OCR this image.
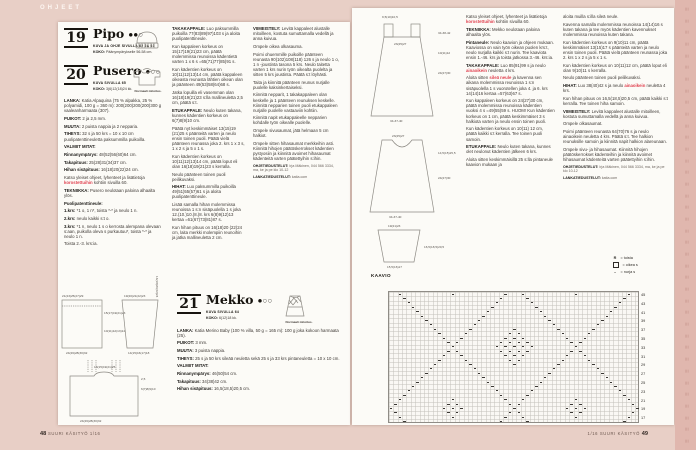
OHJEET
19 Pipo ●●○
KUVA JA OHJE SIVULLA 62 JA 63
KOKO: Päänympärykselle 56-58 cm.
20 Pusero ●○○
KUVA SIVULLA 65
KOKO: 3(6)12(18)24 kk. Normaali mitoitus.

LANKA: Katia Alpaquina (75 % alpakka, 25 % polyamidi, 100 g = 360 m): 200(200)200(200)300 g vaaleanharmaata (307).

PUIKOT: 2 ja 2,5 mm.

MUUTA: 2 puista nappia ja 2 nepparia.

TIHEYS: 32 s ja 50 krs = 10 x 10 cm puolipatenttineuletta paksummilla puikoilla.

VALMIIT MITAT:

Rinnanympärys: 48(52)56(60)64 cm.

Takapituus: 25(28)31(34)37 cm.

Hihan sisäpituus: 16(18)20(22)24 cm.

Katso yleiset ohjeet, lyhenteet ja lisätietoja korostettuihin kohtiin sivuilla 60.

TEKNIIKKA: Pusero neulotaan paloina alhaalta ylös.

Puolipatenttineule:

1.krs: *1 o, 1 n*, toista *-* ja neulo 1 n.

2.krs: neulo kaikki s:t o.

3.krs: *1 n, neulo 1 s o kerrosta alempana olevaan s:aan, puikolla oleva s purkautuu*, toista *-* ja neulo 1 n.

Toista 2.-3. krs:ia.

TAKAKAPPALE: Luo paksummilla puikoilla 77(83)89(97)103 s ja aloita puolipatenttineule.

Kun kappaleen korkeus on 15(17)19(21)23 cm, päätä molemmissa reunoissa kädentietä varten 1 x 6 s =65(71)77(85)91 s.

Kun kädentien korkeus on 10(11)12(13)14 cm, päätä kappaleen oikeasta reunasta lähtien oikean olan ja päänteen 49(53)58(64)68 s.

Jatka lopuilla eli vasemman olan 16(18)19(21)23 s:lla mallineuletta 2,5 cm, päätä s:t.

ETUKAPPALE: Neulo kuten takana, kunnes kädentien korkeus on 6(7)8(9)10 cm.

Päätä nyt keskimmäiset 13(15)19 (21)25 s päänteitä varten ja neulo ensin toinen puoli. Päätä vielä päänteen reunassa joka 2. krs 1 x 3 s, 1 x 2 s ja 5 x 1 s.

Kun kädentien korkeus on 10(11)12(13)14 cm, päätä loput eli olan 16(18)19(21)23 s kerralla.

Neulo päänteen toinen puoli peilikuvaksi.

HIHAT: Luo paksummilla puikoilla 49(51)55(57)61 s ja aloita puolipatenttineule.

Lisää samalla hihan molemmissa reunoissa 1 s:n sisäpuolella 1 s joka 12.(10.)10.(8.)8. krs 6(8)9(12)13 kertaa =61(67)73(81)87 s.

Kun hihan pituus on 16(18)20 (22)24 cm, laita merkki molempiin reunoihin ja jatka mallineuletta 2 cm.

VIIMEISTELY: Levitä kappaleet alustalle mitoilleen, kostuta sumuttamalla vedellä ja anna kuivua.

Ompele oikea olkasauma.

Poimi ohuemmille puikoille päänteen reunasta 90(102)108(118) 126 s ja neulo 1 o, 1 n -joustinta tasona 5 krs. Neulo taitetta varten 1 krs nurin työn oikealta puolelta ja sitten 5 krs joustinta. Päätä s:t löyhästi.

Taita ja kiinnitä päänteen reunus nurjalle puolelle kaksinkertaiseksi.

Kiinnitä nepparit, 1 takakappaleen olan keskelle ja 1 päänteen reunuksen keskelle. Kiinnitä nepparien toinen puoli etukappaleen nurjalle puolelle vastaaviin kohtiin.

Kiinnitä napit etukappaleelle nepparien kohdalle työn oikealle puolelle.

Ompele sivusaumat, jätä helmaan 5 cm halkiot.

Ompele sitten hihasaumat merkkeihin asti. Kiinnitä hihojen päätöskerrokset kädentien pystyosiin ja kiinnitä avoimet hihasaumat kädenteitä varten päätettyihin s:ihin.

OHJETIEDUSTELUT: Irja Mäkinen, 044 566 3334, ma, ke ja pe klo 10-12

LANKATIEDUSTELUT: katia.com

21(23)25(27)29
15(17)19(21)23
10(11)12(13)14
24(26)28(30)32
19(20)21(22)23	16(18)20(22)24
14(15)16(17)18
13(15)19(21)25
2,5
6(7)8(9)10
24(26)28(30)32
21 Mekko ●○○
KUVA SIVULLA 64
KOKO: 6(12)18 kk.
Normaali mitoitus.

LANKA: Katia Merino Baby (100 % villa, 50 g = 165 m): 100 g joka kokoon harmaata (25).

PUIKOT: 3 mm.

MUUTA: 3 puista nappia.

TIHEYS: 25 s ja 50 krs sileää neuletta sekä 25 s ja 33 krs pintaneuletta = 10 x 10 cm.

VALMIIT MITAT:

Rinnanympärys: 46(50)54 cm.

Takapituus: 34(38)42 cm.

Hihan sisäpituus: 16,5(18,5)20,5 cm.

9,5(10)10,5
23(25)27
34-38-42
10(11)12
24(27)30
34-37-40
23(25)27
14,5(15)15,5
24(27)30
34-37-40
19(21)23
16,5(18,5)20,5
15,5(16)17

Katso yleiset ohjeet, lyhenteet ja lisätietoja korostettuihin kohtiin sivuilla 60.

TEKNIIKKA: Mekko neulotaan paloina alhaalta ylös.

Pintaneule: Neulo kaavion ja ohjeen mukaan. Kaaviossa on vain työn oikean puolen krs:t, neulo nurjalla kaikki s:t nurin. Tee kaaviota ensin 1.-46. krs ja toista jatkossa 3.-46. krs:ia.

TAKAKAPPALE: Luo 85(91)99 s ja neulo ainaoikein neuletta 4 krs.

Aloita sitten sileä neule ja kavenna sen aikana molemmissa reunoissa 1 s:n sisäpuolella 1 s vuorotellen joka 4. ja 6. krs 14(14)16 kertaa =57(63)67 s.

Kun kappaleen korkeus on 24(27)30 cm, päätä molemmissa reunoissa kädentien vuoksi 4 s =49(55)59 s. HUOM! Kun kädentien korkeus on 1 cm, päätä keskimmäiset 3 s halkiota varten ja neulo ensin toinen puoli.

Kun kädentien korkeus on 10(11) 12 cm, päätä kaikki s:t kerralla. Tee toinen puoli samoin.

ETUKAPPALE: Neulo kuten takana, kunnes olet neulonut kädentien jälkeen 6 krs.

Aloita sitten keskimmäisillä 25 s:lla pintaneule kaavion mukaan ja

aloita muilla s:illa sileä neule.

Kavenna samalla molemmissa reunoissa 14(14)16 s kuten takana ja tee myös kädentien kavennukset molemmissa reunoissa kuten takana.

Kun kädentien korkeus on 9(10)11 cm, päätä keskimmäiset 13(15)17 s päänteitä varten ja neulo ensin toinen puoli. Päätä vielä päänteen reunassa joka 2. krs 1 x 2 s ja 5 x 1 s.

Kun kädentien korkeus on 10(11)12 cm, päätä loput eli olan 9(10)11 s kerralla.

Neulo päänteen toinen puoli peilikuvaksi.

HIHAT: Luo 38(40)42 s ja neulo ainaoikein neuletta 4 krs.

Kun hihan pituus on 16,5(18,5)20,5 cm, päätä kaikki s:t kerralla. Tee toinen hiha samoin.

VIIMEISTELY: Levitä kappaleet alustalle mitoilleen, kostuta sumuttamalla vedellä ja anna kuivua.

Ompele olkasaumat.

Poimi päänteen reunasta 64(70)76 s ja neulo ainaoikein neuletta 4 krs. Päätä s:t. Tee halkion reunuksille samoin ja kiinnitä napit halkion alareunaan.

Ompele sivu- ja hihasaumat. Kiinnitä hihojen päätöskerrokset kädenteihin ja kiinnitä avoimet hihasaumat kädenteitä varten päätettyihin s:ihin.

OHJETIEDUSTELUT: Irja Mäkinen, 044 566 3334, ma, ke ja pe klo 10-12

LANKATIEDUSTELUT: katia.com

KAAVIO
R	= toista
= oikea s
–	= nurja s
45
43
41
39
37
35
33
31
29
27
25
23
21
19
17
≡
≡
≡
≡
≡
≡
≡
≡
≡
≡
≡
≡
≡
≡
≡
≡
≡
≡
≡
≡
≡
≡
≡
≡
≡
≡
≡
≡
≡
≡
≡
≡
≡
≡
≡
≡
≡
≡
48 SUURI KÄSITYÖ 1/16	1/16 SUURI KÄSITYÖ 49
